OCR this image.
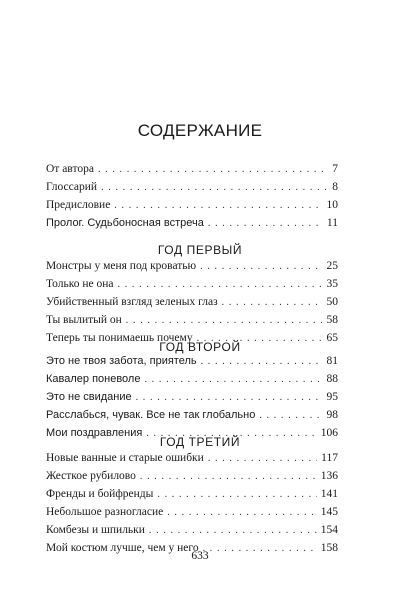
СОДЕРЖАНИЕ
От автора . . .	7
Глоссарий . . .	8
Предисловие . . .	10
Пролог. Судьбоносная встреча . . .	11
ГОД ПЕРВЫЙ
Монстры у меня под кроватью . . .	25
Только не она . . .	35
Убийственный взгляд зеленых глаз . . .	50
Ты вылитый он . . .	58
Теперь ты понимаешь почему . . .	65
ГОД ВТОРОЙ
Это не твоя забота, приятель . . .	81
Кавалер поневоле . . .	88
Это не свидание . . .	95
Расслабься, чувак. Все не так глобально . . .	98
Мои поздравления . . .	106
ГОД ТРЕТИЙ
Новые ванные и старые ошибки . . .	117
Жесткое рубилово . . .	136
Френды и бойфренды . . .	141
Небольшое разногласие . . .	145
Комбезы и шпильки . . .	154
Мой костюм лучше, чем у него . . .	158
633
